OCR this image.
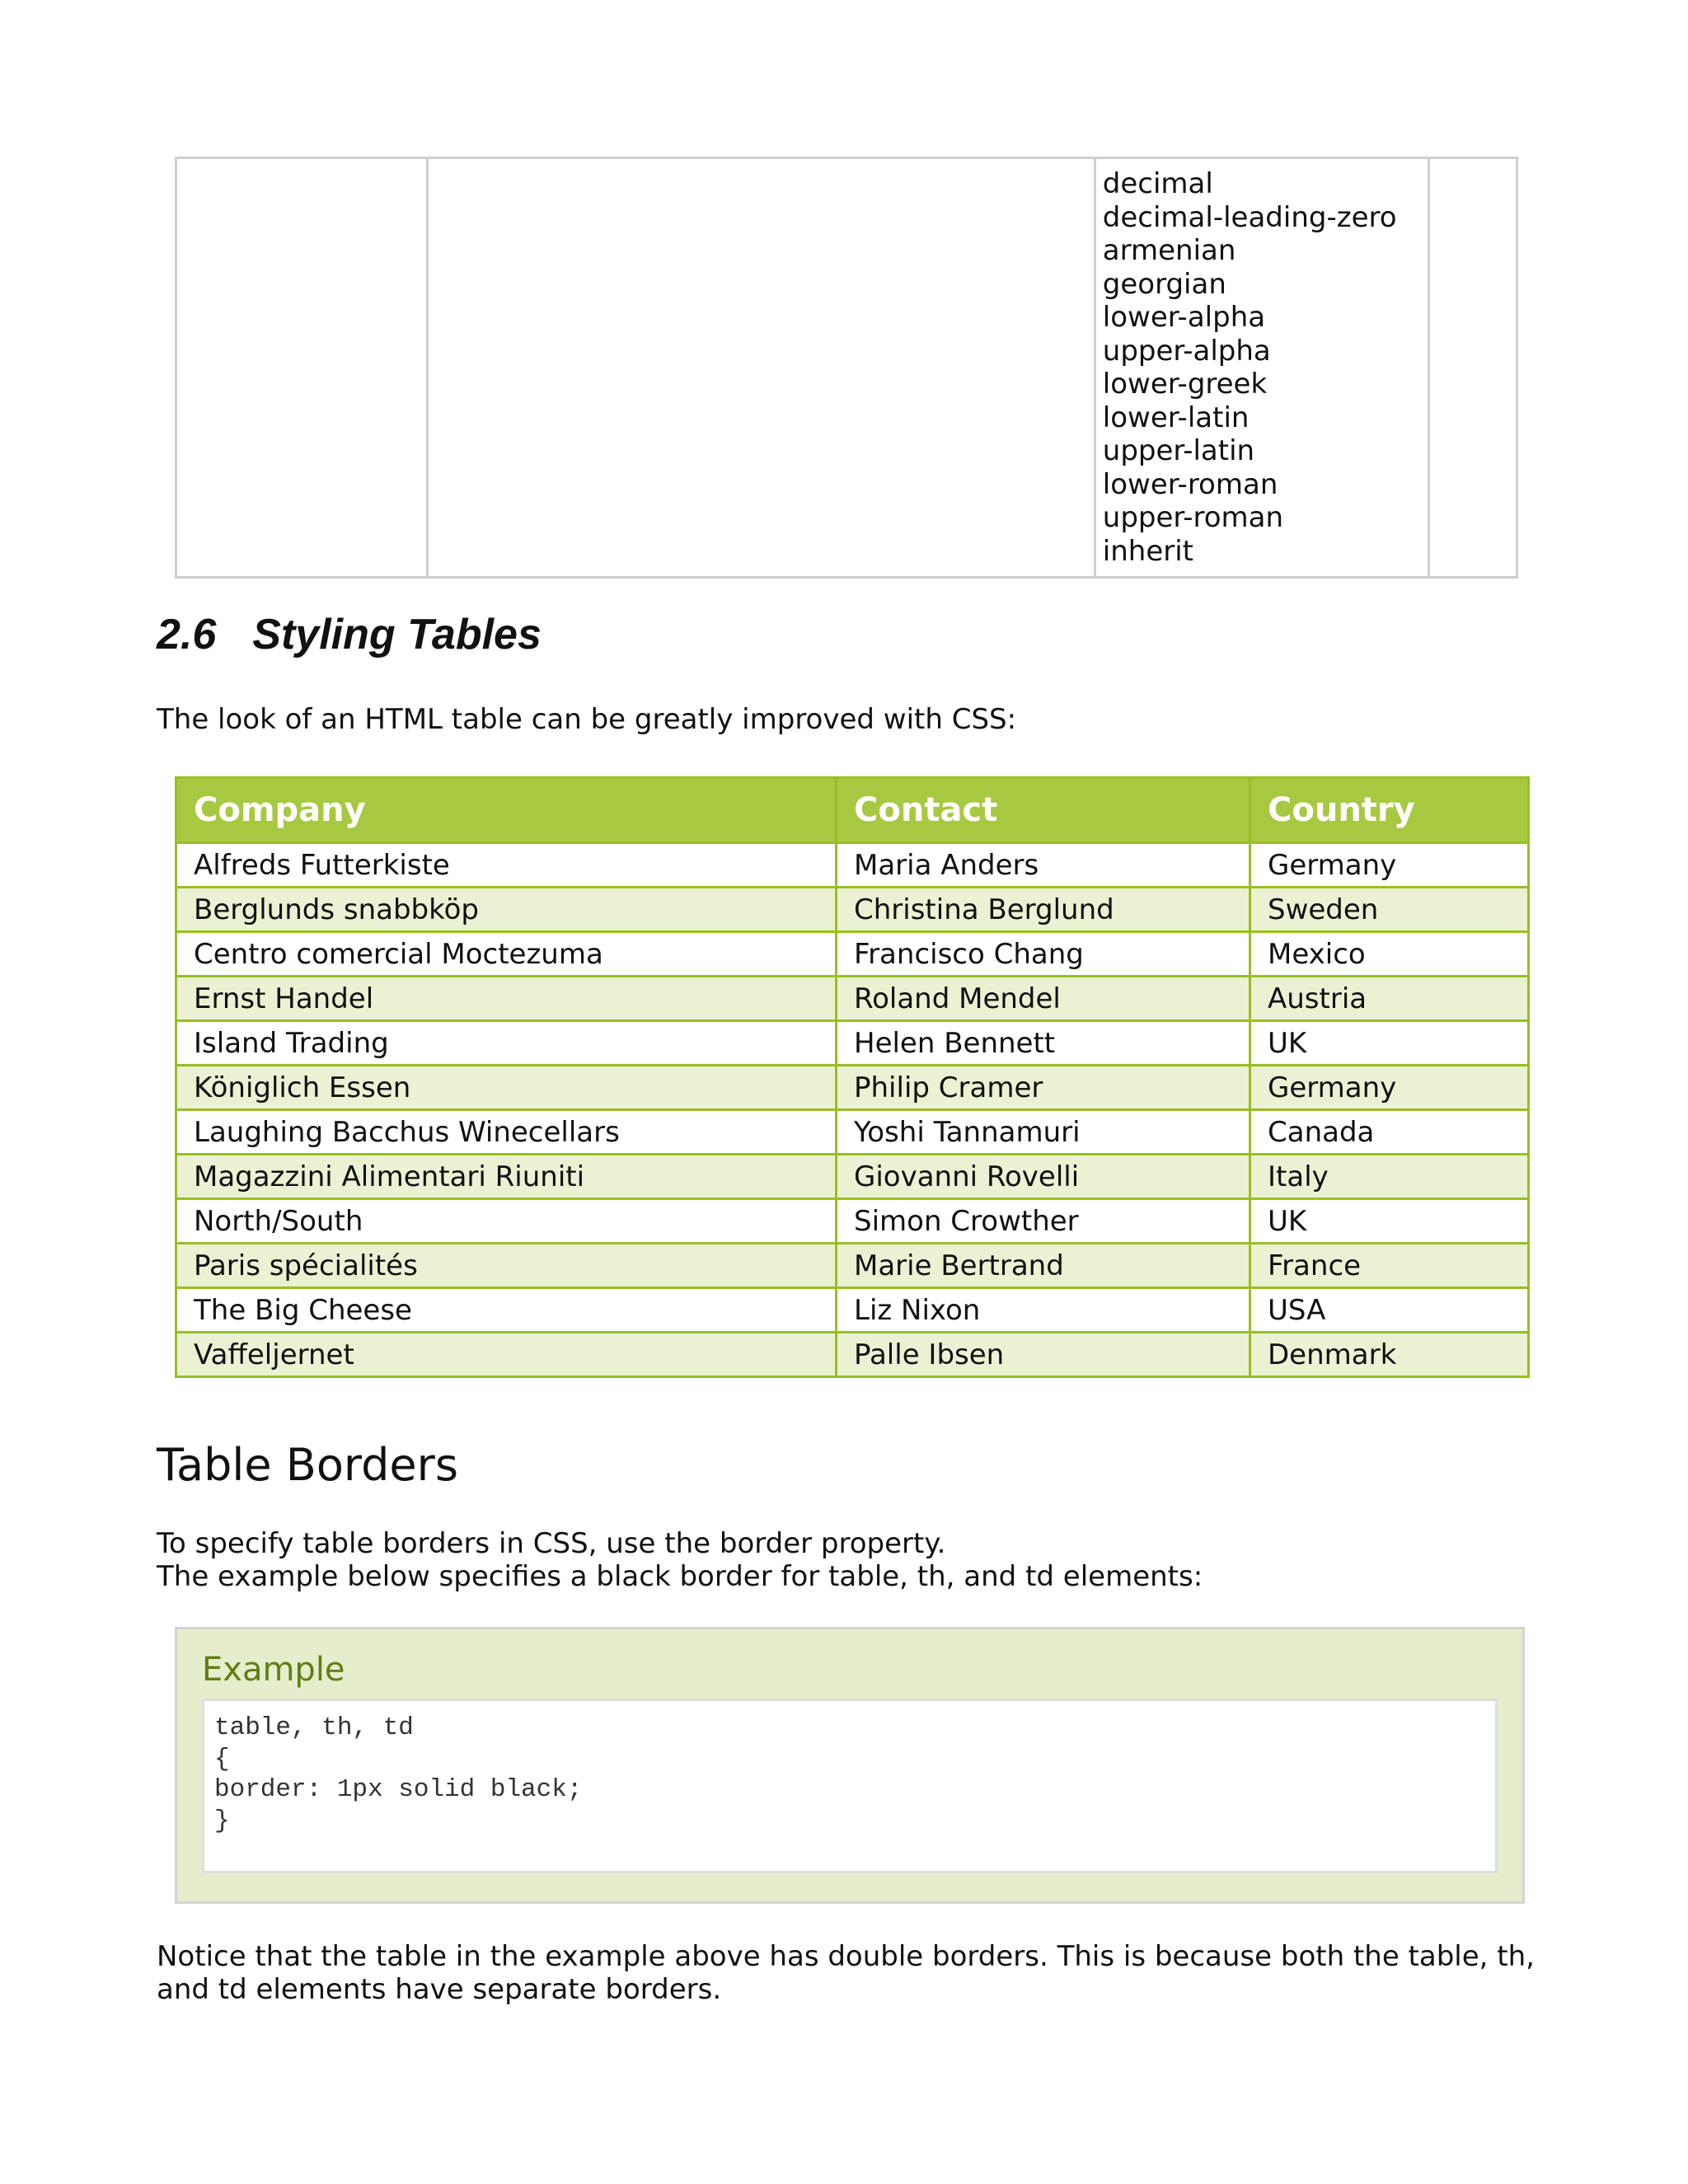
decimal
decimal-leading-zero
armenian
georgian
lower-alpha
upper-alpha
lower-greek
lower-latin
upper-latin
lower-roman
upper-roman
inherit

2.6 Styling Tables

The look of an HTML table can be greatly improved with CSS:

Company	Contact	Country
Alfreds Futterkiste	Maria Anders	Germany
Berglunds snabbköp	Christina Berglund	Sweden
Centro comercial Moctezuma	Francisco Chang	Mexico
Ernst Handel	Roland Mendel	Austria
Island Trading	Helen Bennett	UK
Königlich Essen	Philip Cramer	Germany
Laughing Bacchus Winecellars	Yoshi Tannamuri	Canada
Magazzini Alimentari Riuniti	Giovanni Rovelli	Italy
North/South	Simon Crowther	UK
Paris spécialités	Marie Bertrand	France
The Big Cheese	Liz Nixon	USA
Vaffeljernet	Palle Ibsen	Denmark
Table Borders

To specify table borders in CSS, use the border property.

The example below specifies a black border for table, th, and td elements:

Example
table, th, td
{
border: 1px solid black;
}

Notice that the table in the example above has double borders. This is because both the table, th,

and td elements have separate borders.
